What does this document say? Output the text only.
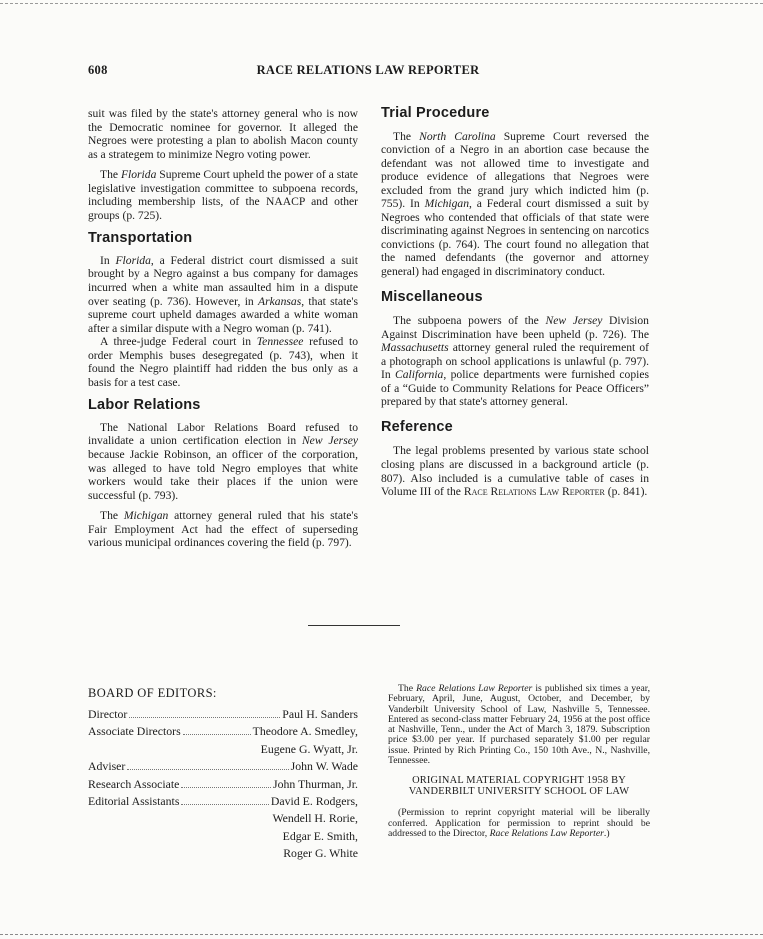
608	RACE RELATIONS LAW REPORTER

suit was filed by the state's attorney general who is now the Democratic nominee for governor. It alleged the Negroes were protesting a plan to abolish Macon county as a strategem to minimize Negro voting power.

The Florida Supreme Court upheld the power of a state legislative investigation committee to subpoena records, including membership lists, of the NAACP and other groups (p. 725).

Transportation

In Florida, a Federal district court dismissed a suit brought by a Negro against a bus company for damages incurred when a white man assaulted him in a dispute over seating (p. 736). However, in Arkansas, that state's supreme court upheld damages awarded a white woman after a similar dispute with a Negro woman (p. 741).

A three-judge Federal court in Tennessee refused to order Memphis buses desegregated (p. 743), when it found the Negro plaintiff had ridden the bus only as a basis for a test case.

Labor Relations

The National Labor Relations Board refused to invalidate a union certification election in New Jersey because Jackie Robinson, an officer of the corporation, was alleged to have told Negro employes that white workers would take their places if the union were successful (p. 793).

The Michigan attorney general ruled that his state's Fair Employment Act had the effect of superseding various municipal ordinances covering the field (p. 797).

Trial Procedure

The North Carolina Supreme Court reversed the conviction of a Negro in an abortion case because the defendant was not allowed time to investigate and produce evidence of allegations that Negroes were excluded from the grand jury which indicted him (p. 755). In Michigan, a Federal court dismissed a suit by Negroes who contended that officials of that state were discriminating against Negroes in sentencing on narcotics convictions (p. 764). The court found no allegation that the named defendants (the governor and attorney general) had engaged in discriminatory conduct.

Miscellaneous

The subpoena powers of the New Jersey Division Against Discrimination have been upheld (p. 726). The Massachusetts attorney general ruled the requirement of a photograph on school applications is unlawful (p. 797). In California, police departments were furnished copies of a “Guide to Community Relations for Peace Officers” prepared by that state's attorney general.

Reference

The legal problems presented by various state school closing plans are discussed in a background article (p. 807). Also included is a cumulative table of cases in Volume III of the Race Relations Law Reporter (p. 841).

BOARD OF EDITORS:
Director	Paul H. Sanders
Associate Directors	Theodore A. Smedley,
Eugene G. Wyatt, Jr.
Adviser	John W. Wade
Research Associate	John Thurman, Jr.
Editorial Assistants	David E. Rodgers,
Wendell H. Rorie,
Edgar E. Smith,
Roger G. White

The Race Relations Law Reporter is published six times a year, February, April, June, August, October, and December, by Vanderbilt University School of Law, Nashville 5, Tennessee. Entered as second-class matter February 24, 1956 at the post office at Nashville, Tenn., under the Act of March 3, 1879. Subscription price $3.00 per year. If purchased separately $1.00 per regular issue. Printed by Rich Printing Co., 150 10th Ave., N., Nashville, Tennessee.

ORIGINAL MATERIAL COPYRIGHT 1958 BY
VANDERBILT UNIVERSITY SCHOOL OF LAW

(Permission to reprint copyright material will be liberally conferred. Application for permission to reprint should be addressed to the Director, Race Relations Law Reporter.)
